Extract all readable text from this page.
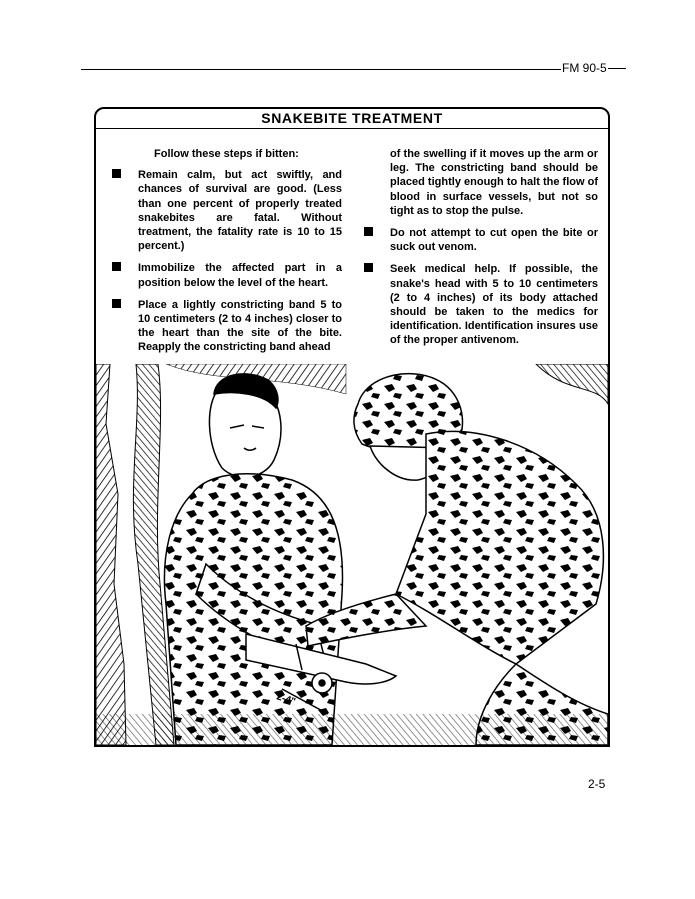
FM 90-5
SNAKEBITE TREATMENT
Follow these steps if bitten:
Remain calm, but act swiftly, and chances of survival are good. (Less than one percent of properly treated snakebites are fatal. Without treatment, the fatality rate is 10 to 15 percent.)
Immobilize the affected part in a position below the level of the heart.
Place a lightly constricting band 5 to 10 centimeters (2 to 4 inches) closer to the heart than the site of the bite. Reapply the constricting band ahead
of the swelling if it moves up the arm or leg. The constricting band should be placed tightly enough to halt the flow of blood in surface vessels, but not so tight as to stop the pulse.
Do not attempt to cut open the bite or suck out venom.
Seek medical help. If possible, the snake's head with 5 to 10 centimeters (2 to 4 inches) of its body attached should be taken to the medics for identification. Identification insures use of the proper antivenom.
2-4"
2-5
